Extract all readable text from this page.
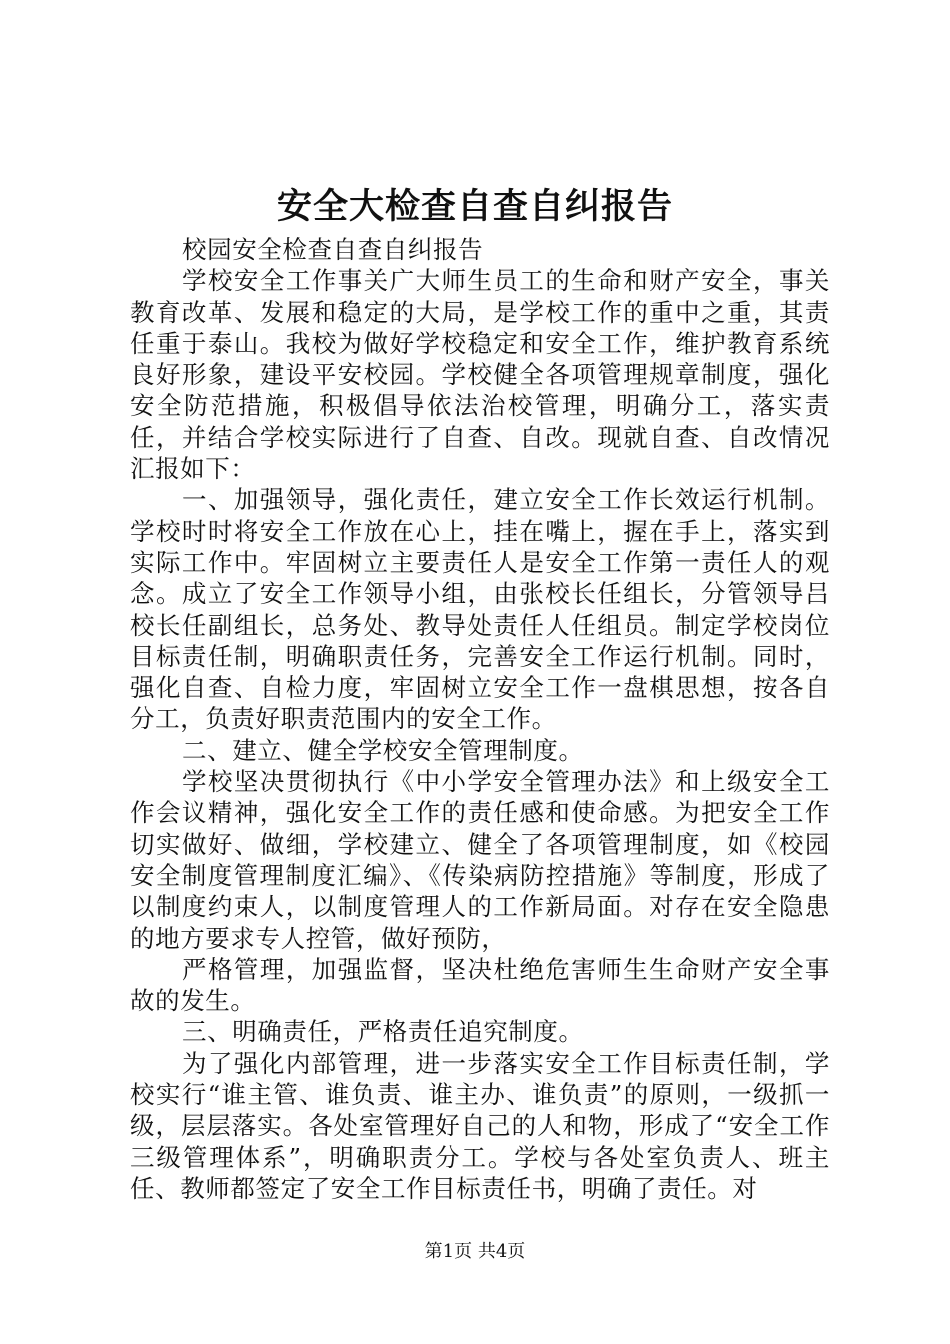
安全大检查自查自纠报告

校园安全检查自查自纠报告

学校安全工作事关广大师生员工的生命和财产安全，事关教育改革、发展和稳定的大局，是学校工作的重中之重，其责任重于泰山。我校为做好学校稳定和安全工作，维护教育系统良好形象，建设平安校园。学校健全各项管理规章制度，强化安全防范措施，积极倡导依法治校管理，明确分工，落实责任，并结合学校实际进行了自查、自改。现就自查、自改情况汇报如下：

一、加强领导，强化责任，建立安全工作长效运行机制。学校时时将安全工作放在心上，挂在嘴上，握在手上，落实到实际工作中。牢固树立主要责任人是安全工作第一责任人的观念。成立了安全工作领导小组，由张校长任组长，分管领导吕校长任副组长，总务处、教导处责任人任组员。制定学校岗位目标责任制，明确职责任务，完善安全工作运行机制。同时，强化自查、自检力度，牢固树立安全工作一盘棋思想，按各自分工，负责好职责范围内的安全工作。

二、建立、健全学校安全管理制度。

学校坚决贯彻执行《中小学安全管理办法》和上级安全工作会议精神，强化安全工作的责任感和使命感。为把安全工作切实做好、做细，学校建立、健全了各项管理制度，如《校园安全制度管理制度汇编》、《传染病防控措施》等制度，形成了以制度约束人，以制度管理人的工作新局面。对存在安全隐患的地方要求专人控管，做好预防，

严格管理，加强监督，坚决杜绝危害师生生命财产安全事故的发生。

三、明确责任，严格责任追究制度。

为了强化内部管理，进一步落实安全工作目标责任制，学校实行“谁主管、谁负责、谁主办、谁负责”的原则，一级抓一级，层层落实。各处室管理好自己的人和物，形成了“安全工作三级管理体系”，明确职责分工。学校与各处室负责人、班主任、教师都签定了安全工作目标责任书，明确了责任。对

第1页 共4页
